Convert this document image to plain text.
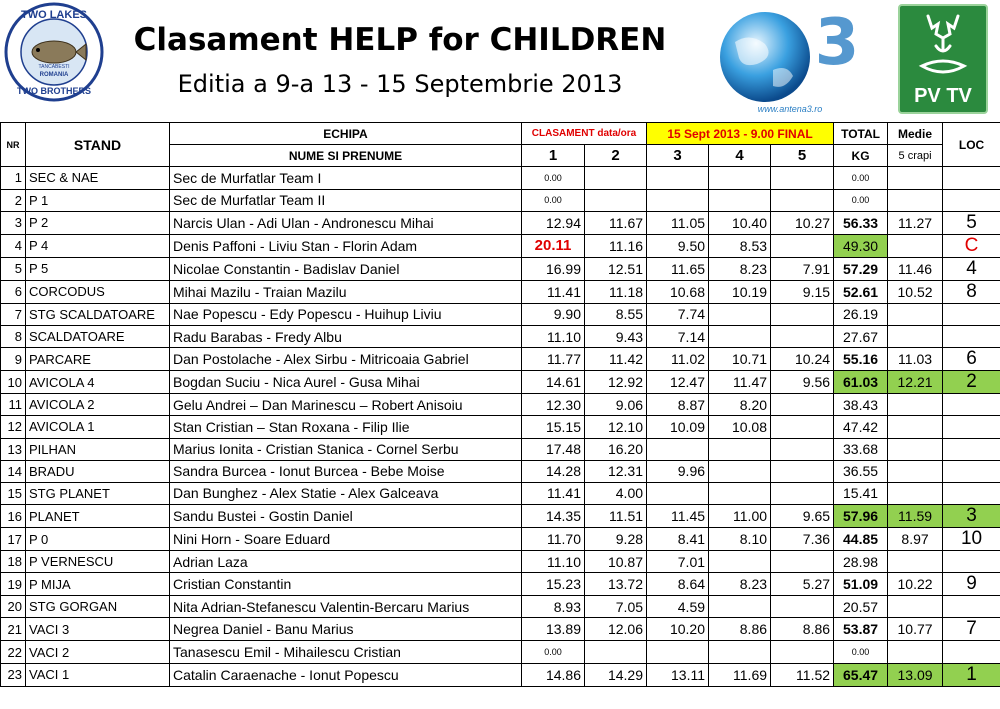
TWO LAKES
TWO BROTHERS
TANCABESTI
ROMANIA
Clasament HELP for CHILDREN
Editia a 9-a 13 - 15 Septembrie 2013
3
www.antena3.ro
PV TV
NR	STAND	ECHIPA	CLASAMENT data/ora		15 Sept 2013 - 9.00 FINAL			TOTAL	Medie	LOC
		NUME SI PRENUME	1	2	3	4	5	KG	5 crapi	
1	SEC & NAE	Sec de Murfatlar Team I	0.00					0.00		
2	P 1	Sec de Murfatlar Team II	0.00					0.00		
3	P 2	Narcis Ulan - Adi Ulan - Andronescu Mihai	12.94	11.67	11.05	10.40	10.27	56.33	11.27	5
4	P 4	Denis Paffoni - Liviu Stan - Florin Adam	20.11	11.16	9.50	8.53		49.30		C
5	P 5	Nicolae Constantin - Badislav Daniel	16.99	12.51	11.65	8.23	7.91	57.29	11.46	4
6	CORCODUS	Mihai Mazilu - Traian Mazilu	11.41	11.18	10.68	10.19	9.15	52.61	10.52	8
7	STG SCALDATOARE	Nae Popescu - Edy Popescu - Huihup Liviu	9.90	8.55	7.74			26.19		
8	SCALDATOARE	Radu Barabas - Fredy Albu	11.10	9.43	7.14			27.67		
9	PARCARE	Dan Postolache - Alex Sirbu - Mitricoaia Gabriel	11.77	11.42	11.02	10.71	10.24	55.16	11.03	6
10	AVICOLA 4	Bogdan Suciu - Nica Aurel - Gusa Mihai	14.61	12.92	12.47	11.47	9.56	61.03	12.21	2
11	AVICOLA 2	Gelu Andrei – Dan Marinescu – Robert Anisoiu	12.30	9.06	8.87	8.20		38.43		
12	AVICOLA 1	Stan Cristian – Stan Roxana - Filip Ilie	15.15	12.10	10.09	10.08		47.42		
13	PILHAN	Marius Ionita - Cristian Stanica - Cornel Serbu	17.48	16.20				33.68		
14	BRADU	Sandra Burcea - Ionut Burcea - Bebe Moise	14.28	12.31	9.96			36.55		
15	STG PLANET	Dan Bunghez - Alex Statie - Alex Galceava	11.41	4.00				15.41		
16	PLANET	Sandu Bustei - Gostin Daniel	14.35	11.51	11.45	11.00	9.65	57.96	11.59	3
17	P 0	Nini Horn - Soare Eduard	11.70	9.28	8.41	8.10	7.36	44.85	8.97	10
18	P VERNESCU	Adrian Laza	11.10	10.87	7.01			28.98		
19	P MIJA	Cristian Constantin	15.23	13.72	8.64	8.23	5.27	51.09	10.22	9
20	STG GORGAN	Nita Adrian-Stefanescu Valentin-Bercaru Marius	8.93	7.05	4.59			20.57		
21	VACI 3	Negrea Daniel - Banu Marius	13.89	12.06	10.20	8.86	8.86	53.87	10.77	7
22	VACI 2	Tanasescu Emil - Mihailescu Cristian	0.00					0.00		
23	VACI 1	Catalin Caraenache - Ionut Popescu	14.86	14.29	13.11	11.69	11.52	65.47	13.09	1
